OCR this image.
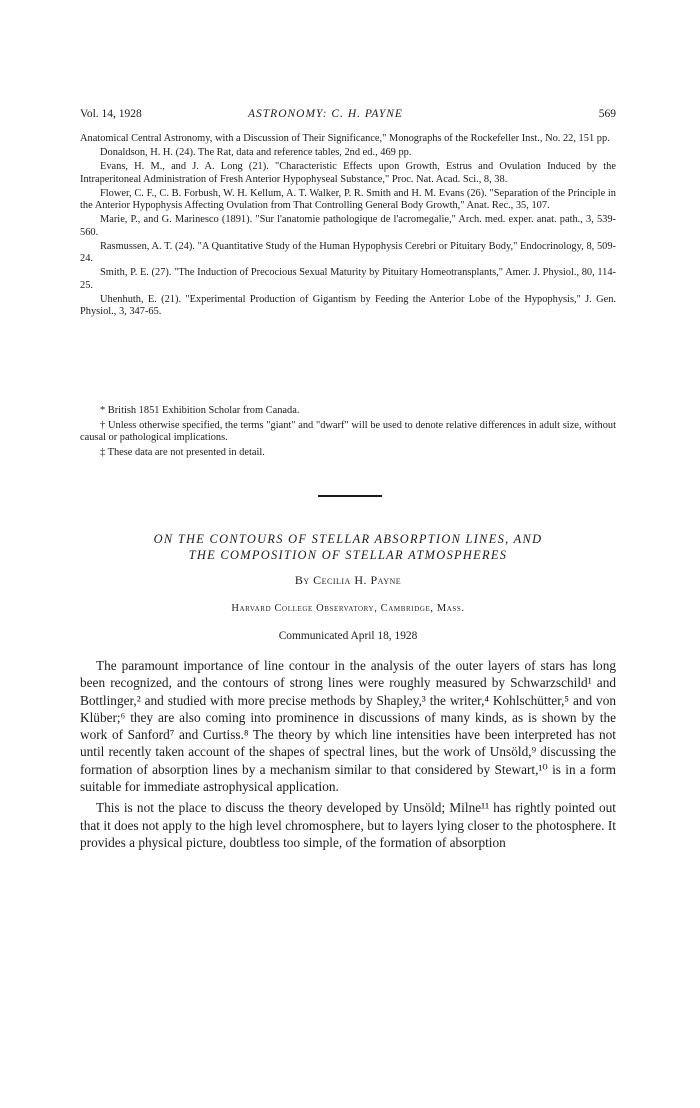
Vol. 14, 1928	ASTRONOMY: C. H. PAYNE	569

Anatomical Central Astronomy, with a Discussion of Their Significance," Monographs of the Rockefeller Inst., No. 22, 151 pp.

Donaldson, H. H. (24). The Rat, data and reference tables, 2nd ed., 469 pp.

Evans, H. M., and J. A. Long (21). "Characteristic Effects upon Growth, Estrus and Ovulation Induced by the Intraperitoneal Administration of Fresh Anterior Hypophyseal Substance," Proc. Nat. Acad. Sci., 8, 38.

Flower, C. F., C. B. Forbush, W. H. Kellum, A. T. Walker, P. R. Smith and H. M. Evans (26). "Separation of the Principle in the Anterior Hypophysis Affecting Ovulation from That Controlling General Body Growth," Anat. Rec., 35, 107.

Marie, P., and G. Marinesco (1891). "Sur l'anatomie pathologique de l'acromegalie," Arch. med. exper. anat. path., 3, 539-560.

Rasmussen, A. T. (24). "A Quantitative Study of the Human Hypophysis Cerebri or Pituitary Body," Endocrinology, 8, 509-24.

Smith, P. E. (27). "The Induction of Precocious Sexual Maturity by Pituitary Homeotransplants," Amer. J. Physiol., 80, 114-25.

Uhenhuth, E. (21). "Experimental Production of Gigantism by Feeding the Anterior Lobe of the Hypophysis," J. Gen. Physiol., 3, 347-65.

* British 1851 Exhibition Scholar from Canada.

† Unless otherwise specified, the terms "giant" and "dwarf" will be used to denote relative differences in adult size, without causal or pathological implications.

‡ These data are not presented in detail.

ON THE CONTOURS OF STELLAR ABSORPTION LINES, AND
THE COMPOSITION OF STELLAR ATMOSPHERES
By Cecilia H. Payne
Harvard College Observatory, Cambridge, Mass.
Communicated April 18, 1928

The paramount importance of line contour in the analysis of the outer layers of stars has long been recognized, and the contours of strong lines were roughly measured by Schwarzschild¹ and Bottlinger,² and studied with more precise methods by Shapley,³ the writer,⁴ Kohlschütter,⁵ and von Klüber;⁶ they are also coming into prominence in discussions of many kinds, as is shown by the work of Sanford⁷ and Curtiss.⁸ The theory by which line intensities have been interpreted has not until recently taken account of the shapes of spectral lines, but the work of Unsöld,⁹ discussing the formation of absorption lines by a mechanism similar to that considered by Stewart,¹⁰ is in a form suitable for immediate astrophysical application.

This is not the place to discuss the theory developed by Unsöld; Milne¹¹ has rightly pointed out that it does not apply to the high level chromosphere, but to layers lying closer to the photosphere. It provides a physical picture, doubtless too simple, of the formation of absorption
